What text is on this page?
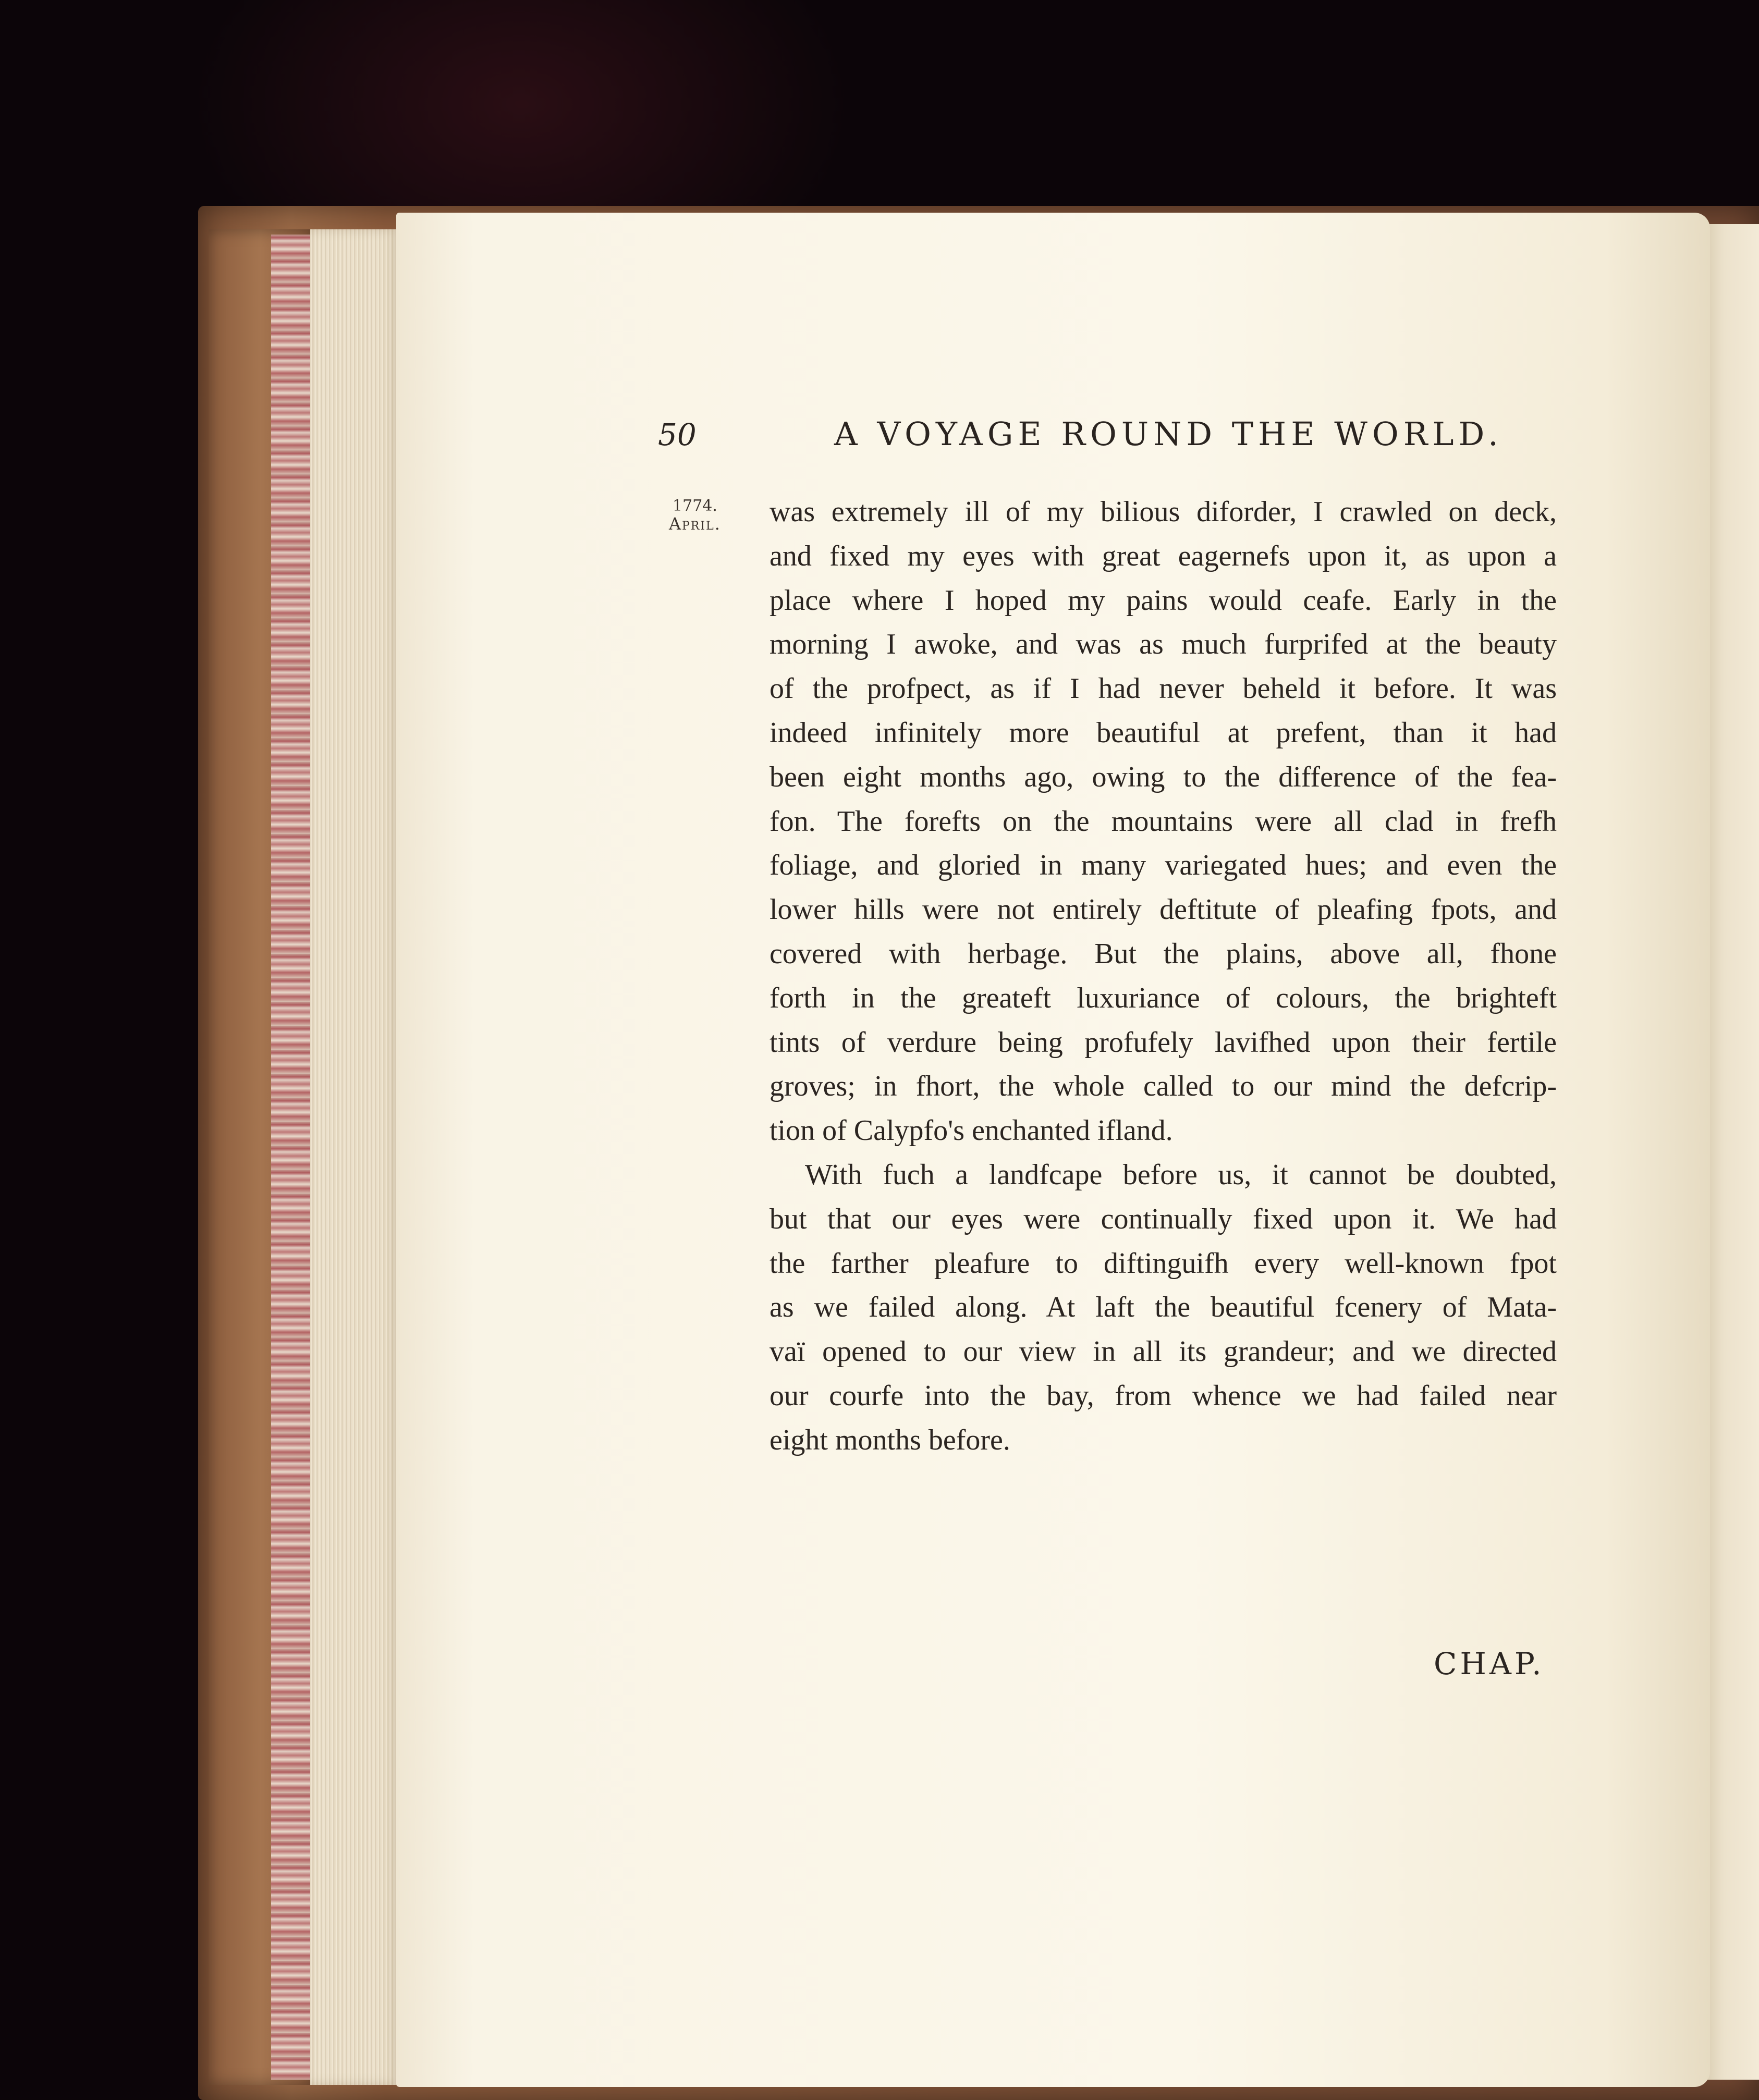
50	A VOYAGE ROUND THE WORLD.
1774.
April. was extremely ill of my bilious diforder, I crawled on deck,
and fixed my eyes with great eagernefs upon it, as upon a
place where I hoped my pains would ceafe. Early in the
morning I awoke, and was as much furprifed at the beauty
of the profpect, as if I had never beheld it before. It was
indeed infinitely more beautiful at prefent, than it had
been eight months ago, owing to the difference of the fea-
fon. The forefts on the mountains were all clad in frefh
foliage, and gloried in many variegated hues; and even the
lower hills were not entirely deftitute of pleafing fpots, and
covered with herbage. But the plains, above all, fhone
forth in the greateft luxuriance of colours, the brighteft
tints of verdure being profufely lavifhed upon their fertile
groves; in fhort, the whole called to our mind the defcrip-
tion of Calypfo's enchanted ifland.
With fuch a landfcape before us, it cannot be doubted,
but that our eyes were continually fixed upon it. We had
the farther pleafure to diftinguifh every well-known fpot
as we failed along. At laft the beautiful fcenery of Mata-
vaï opened to our view in all its grandeur; and we directed
our courfe into the bay, from whence we had failed near
eight months before.
CHAP.
